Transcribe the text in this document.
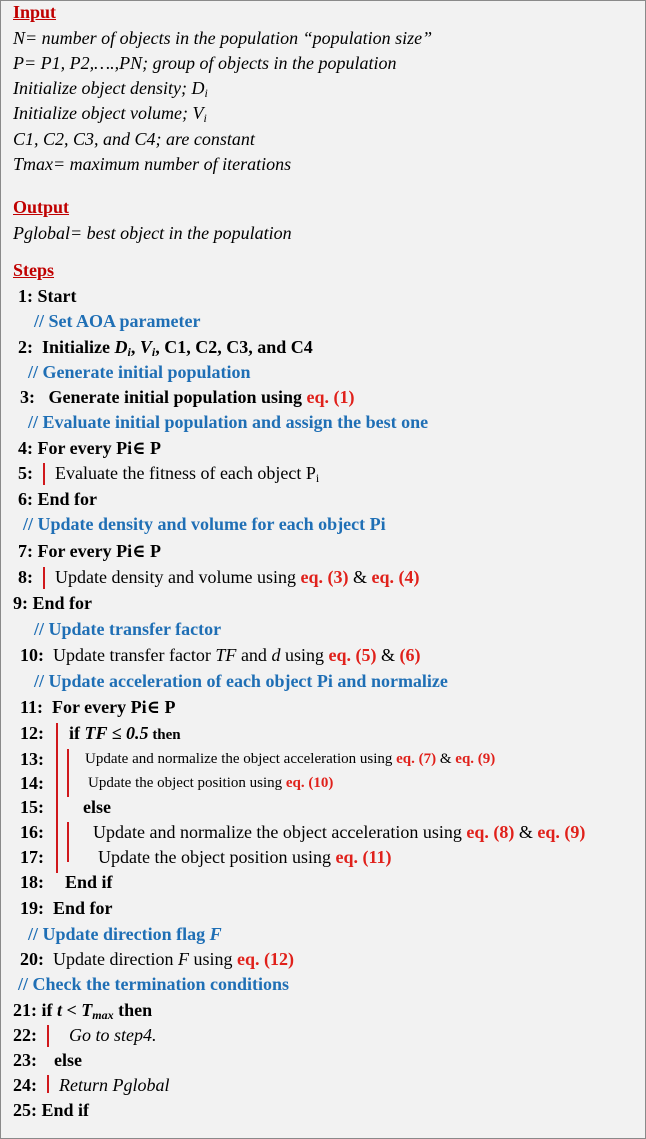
Input
N= number of objects in the population “population size”
P= P1, P2,….,PN; group of objects in the population
Initialize object density; $D_i$
Initialize object volume; $V_i$
C1, C2, C3, and C4; are constant
Tmax= maximum number of iterations
Output
Pglobal= best object in the population
Steps
1: Start
// Set AOA parameter
2: Initialize $D_i$, $V_i$, C1, C2, C3, and C4
// Generate initial population
3: Generate initial population using eq. (1)
// Evaluate initial population and assign the best one
4: For every Pi∈ P
5: Evaluate the fitness of each object $P_i$
6: End for
// Update density and volume for each object Pi
7: For every Pi∈ P
8: Update density and volume using eq. (3) & eq. (4)
9: End for
// Update transfer factor
10: Update transfer factor TF and d using eq. (5) & (6)
// Update acceleration of each object Pi and normalize
11: For every Pi∈ P
12: if TF ≤ 0.5 then
13:	Update and normalize the object acceleration using eq. (7) & eq. (9)
14:	Update the object position using eq. (10)
15: else
16:	Update and normalize the object acceleration using eq. (8) & eq. (9)
17:	Update the object position using eq. (11)
18: End if
19: End for
// Update direction flag F
20: Update direction F using eq. (12)
// Check the termination conditions
21: if $t < T_{max}$ then
22: Go to step4.
23: else
24: Return Pglobal
25: End if
